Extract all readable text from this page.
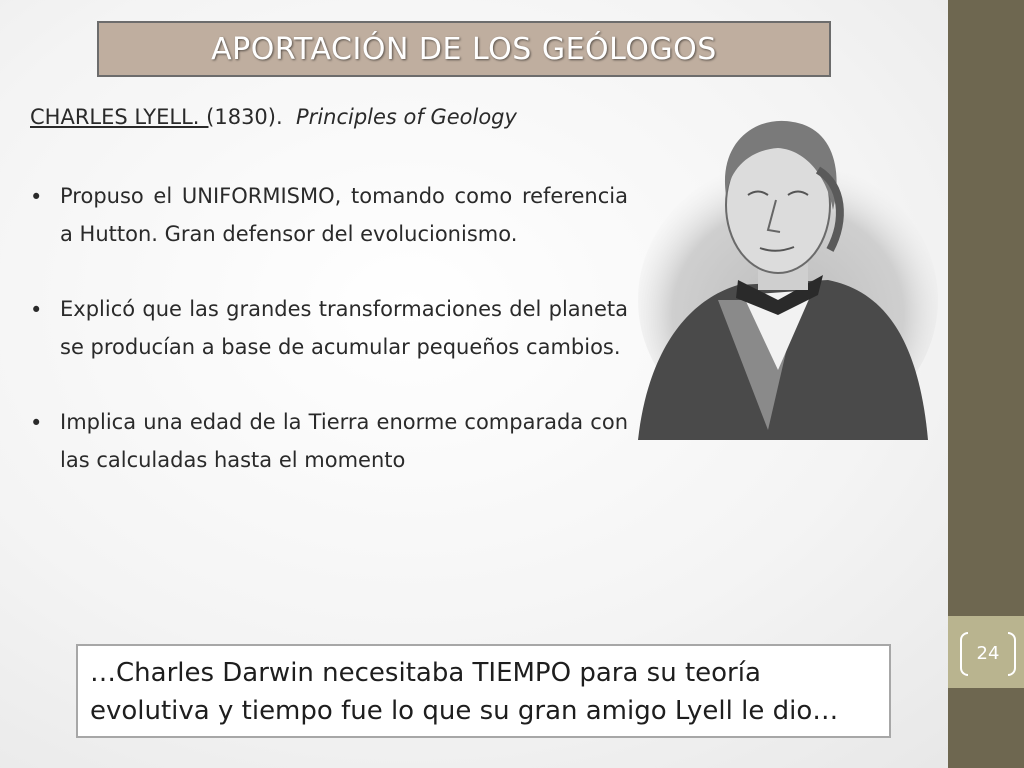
24
APORTACIÓN DE LOS GEÓLOGOS
CHARLES LYELL. (1830). Principles of Geology
• Propuso el UNIFORMISMO, tomando como referencia a Hutton. Gran defensor del evolucionismo.
• Explicó que las grandes transformaciones del planeta se producían a base de acumular pequeños cambios.
• Implica una edad de la Tierra enorme comparada con las calculadas hasta el momento
…Charles Darwin necesitaba TIEMPO para su teoría evolutiva y tiempo fue lo que su gran amigo Lyell le dio…
